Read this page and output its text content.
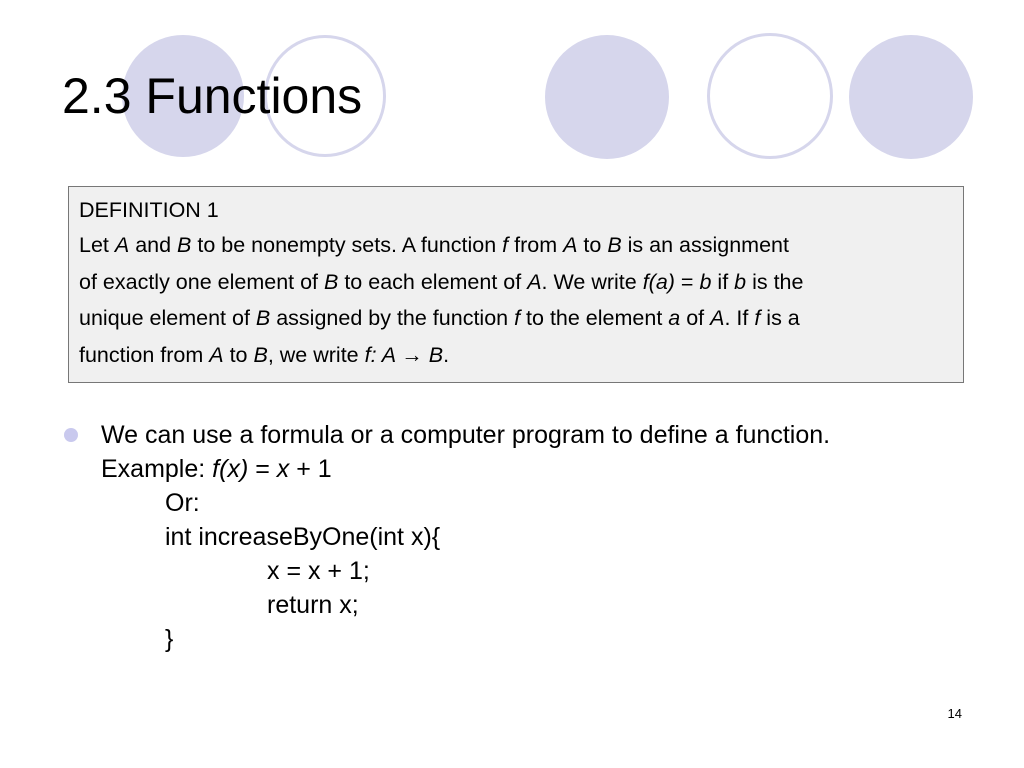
2.3 Functions
DEFINITION 1
Let A and B to be nonempty sets. A function f from A to B is an assignment
of exactly one element of B to each element of A. We write f(a) = b if b is the
unique element of B assigned by the function f to the element a of A. If f is a
function from A to B, we write f: A → B.
We can use a formula or a computer program to define a function.
Example: f(x) = x + 1
Or:
int increaseByOne(int x){
x = x + 1;
return x;
}
14
